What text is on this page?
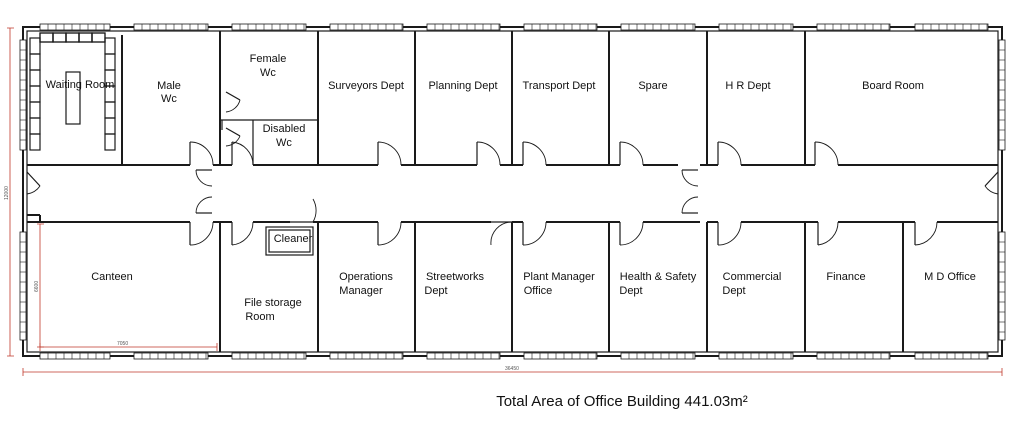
12000
36450
6600
7050
Waiting Room	Surveyors Dept Planning Dept Transport Dept	Spare	H R Dept	Board Room
Canteen
Cleaner
Finance	M D Office
Male Wc
Female Wc
Disabled Wc
File storage Room
Operations Manager
Streetworks Dept
Plant Manager Office
Health & Safety Dept
Commercial Dept
Total Area of Office Building 441.03m²
